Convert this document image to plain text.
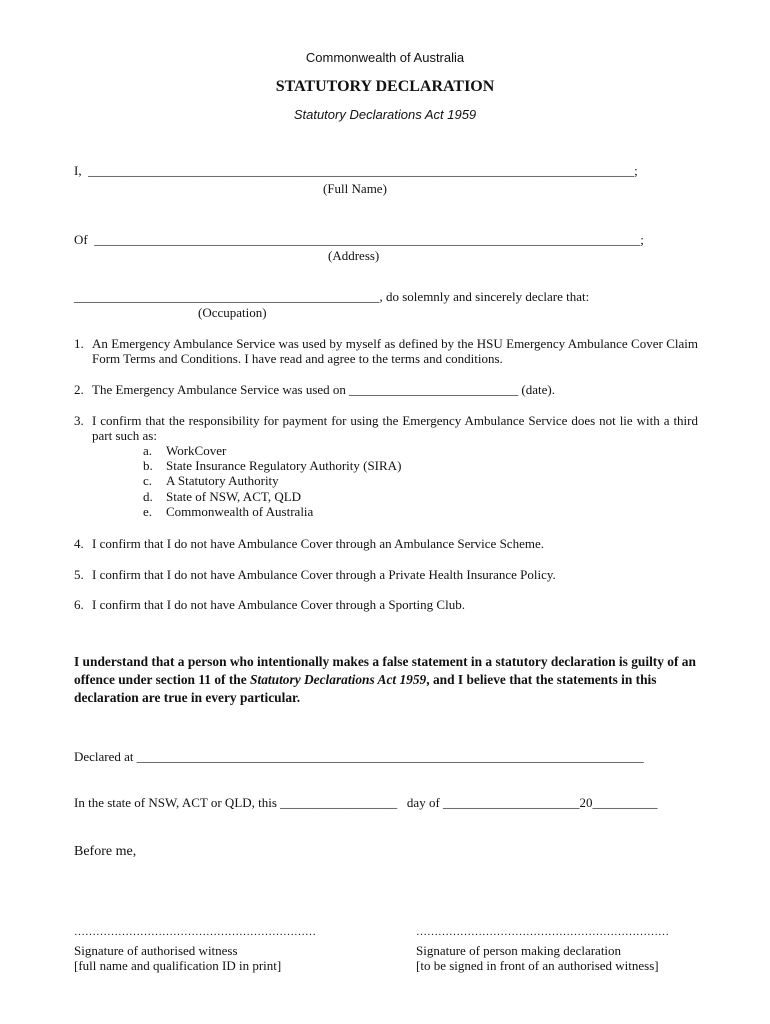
Commonwealth of Australia
STATUTORY DECLARATION
Statutory Declarations Act 1959
I,  ____________________________________________________________________________________;
(Full Name)
Of  ____________________________________________________________________________________;
(Address)
_______________________________________________, do solemnly and sincerely declare that:
(Occupation)
1. An Emergency Ambulance Service was used by myself as defined by the HSU Emergency Ambulance Cover Claim Form Terms and Conditions. I have read and agree to the terms and conditions.
2. The Emergency Ambulance Service was used on __________________________ (date).
3. I confirm that the responsibility for payment for using the Emergency Ambulance Service does not lie with a third part such as:
a. WorkCover
b. State Insurance Regulatory Authority (SIRA)
c. A Statutory Authority
d. State of NSW, ACT, QLD
e. Commonwealth of Australia
4. I confirm that I do not have Ambulance Cover through an Ambulance Service Scheme.
5. I confirm that I do not have Ambulance Cover through a Private Health Insurance Policy.
6. I confirm that I do not have Ambulance Cover through a Sporting Club.
I understand that a person who intentionally makes a false statement in a statutory declaration is guilty of an offence under section 11 of the Statutory Declarations Act 1959, and I believe that the statements in this declaration are true in every particular.
Declared at ______________________________________________________________________________
In the state of NSW, ACT or QLD, this __________________   day of _____________________20__________
Before me,
…………………………………………………………
Signature of authorised witness
[full name and qualification ID in print]
……………………………………………………………
Signature of person making declaration
[to be signed in front of an authorised witness]
